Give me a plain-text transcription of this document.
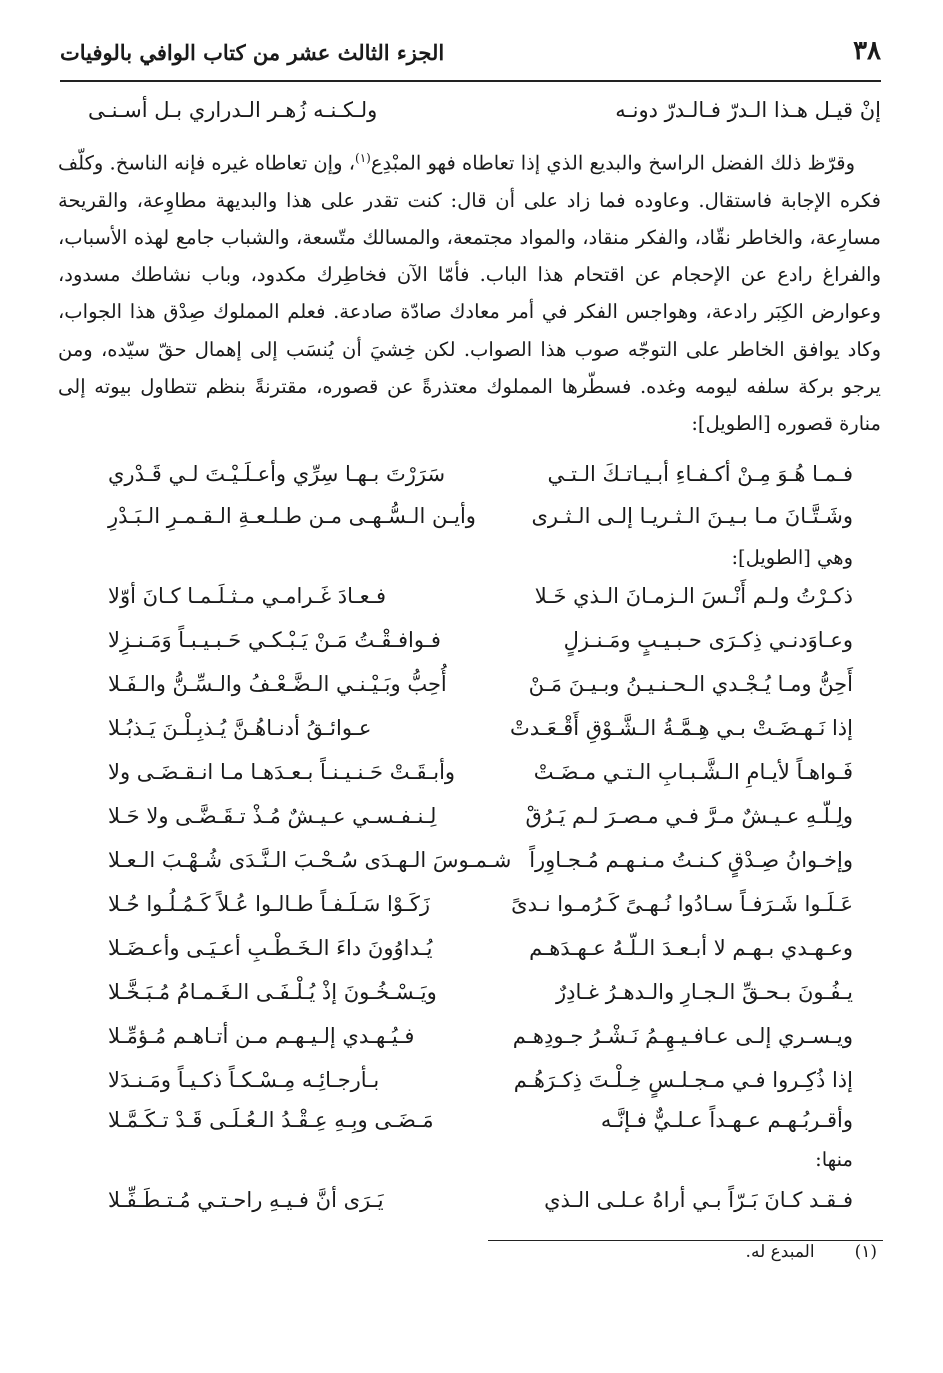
٣٨
الجزء الثالث عشر من كتاب الوافي بالوفيات
إنْ قيـل هـذا الـدرّ فـالـدرّ دونـه
ولـكـنـه زُهـر الـدراري بـل أسـنـى

وقرّظ ذلك الفضل الراسخ والبديع الذي إذا تعاطاه فهو المبْدِع$^{(١)}$، وإن تعاطاه غيره فإنه الناسخ. وكلّف فكره الإجابة فاستقال. وعاوده فما زاد على أن قال: كنت تقدر على هذا والبديهة مطاوِعة، والقريحة مسارِعة، والخاطر نقّاد، والفكر منقاد، والمواد مجتمعة، والمسالك متّسعة، والشباب جامع لهذه الأسباب، والفراغ رادع عن الإحجام عن اقتحام هذا الباب. فأمّا الآن فخاطِرك مكدود، وباب نشاطك مسدود، وعوارض الكِبَر رادعة، وهواجس الفكر في أمر معادك صادّة صادعة. فعلم المملوك صِدْق هذا الجواب، وكاد يوافق الخاطر على التوجّه صوب هذا الصواب. لكن خِشيَ أن يُنسَب إلى إهمال حقّ سيّده، ومن يرجو بركة سلفه ليومه وغده. فسطّرها المملوك معتذرةً عن قصوره، مقترنةً بنظم تتطاول بيوته إلى منارة قصوره [الطويل]:

فـمـا هُـوَ مِـنْ أكـفـاءِ أبـيـاتـكَ الـتـي
سَرَرْتَ بـهـا سِرِّي وأعـلَـيْـتَ لـي قَـدْري
وشَـتَّـانَ مـا بـيـنَ الـثـريـا إلـى الـثـرى
وأيـن الـسُّـهـى مـن طـلـعـةِ الـقـمـرِ الـبَـدْرِ
وهي [الطويل]:
ذكـرْتُ ولـم أَنْـسَ الـزمـانَ الـذي خَـلا
فـعـادَ غَـرامـي مـثـلَـمـا كـانَ أوّلا
وعـاوَدنـي ذِكـرَى حـبـيـبٍ ومَـنـزلٍ
فـوافـقْـتُ مَـنْ يَـبْـكـي حَـبـيـبـاً وَمَـنـزِلا
أَحِنُّ ومـا يُـجْـدي الـحـنـيـنُ وبـيـنَ مَـنْ
أُحِبُّ وبَـيْـنـي الـضَّـعْـفُ والـسِّـنُّ والـفَـلا
إذا نَـهـضَـتْ بـي هِـمَّـةُ الـشَّـوْقِ أَقْـعَـدتْ
عـوائـقُ أدنـاهُـنَّ يُـذبِـلْـنَ يَـذبُـلا
فَـواهـاً لأيـامِ الـشَّـبـابِ الـتـي مـضَـتْ
وأبـقَـتْ حَـنـيـنـاً بـعـدَهـا مـا انـقـضَـى ولا
ولِـلّـهِ عـيـشٌ مـرَّ فـي مـصـرَ لـم يَـرُقْ
لِـنـفـسـي عـيـشٌ مُـذْ تـقَـضَّـى ولا حَـلا
وإخـوانُ صِـدْقٍ كـنـتُ مـنـهـم مُـجـاوِراً
شـمـوسَ الـهـدَى سُـحْـبَ الـنَّـدَى شُـهْـبَ الـعـلا
عَـلَـوا شَـرَفـاً سـادُوا نُـهـىً كَـرُمـوا نـدىً
زَكَـوْا سَـلَـفـاً طـالـوا عُـلاً كَـمُـلُـوا حُـلا
وعـهـدي بـهـم لا أبـعـدَ الـلّـهُ عـهـدَهـم
يُـداوُونَ داءَ الـخَـطْـبِ أعـيَـى وأعـضَـلا
يـفُـونَ بـحـقِّ الـجـارِ والـدهـرُ غـادِرٌ
ويَـسْـخُـونَ إذْ يُـلْـفَـى الـغَـمـامُ مُـبَـخَّـلا
ويـسـري إلـى عـافـيـهِـمُ نَـشْـرُ جـودِهـم
فـيُـهـدي إلـيـهـم مـن أتـاهـم مُـؤمِّـلا
إذا ذُكِـروا فـي مـجـلـسٍ خِـلْـتَ ذِكـرَهُـم
بـأرجـائِـه مِـسْـكـاً ذكـيـاً ومَـنـدَلا
وأقـربُـهـم عـهـداً عـلـيٌّ فـإنَّـه
مَـضَـى وبِـهِ عِـقْـدُ الـعُـلَـى قَـدْ تـكَـمَّـلا
منها:
فـقـد كـانَ بَـرّاً بـي أراهُ عـلـى الـذي
يَـرَى أنَّ فـيـهِ راحـتـي مُـتـطَـفِّـلا
(١)المبدع له.
